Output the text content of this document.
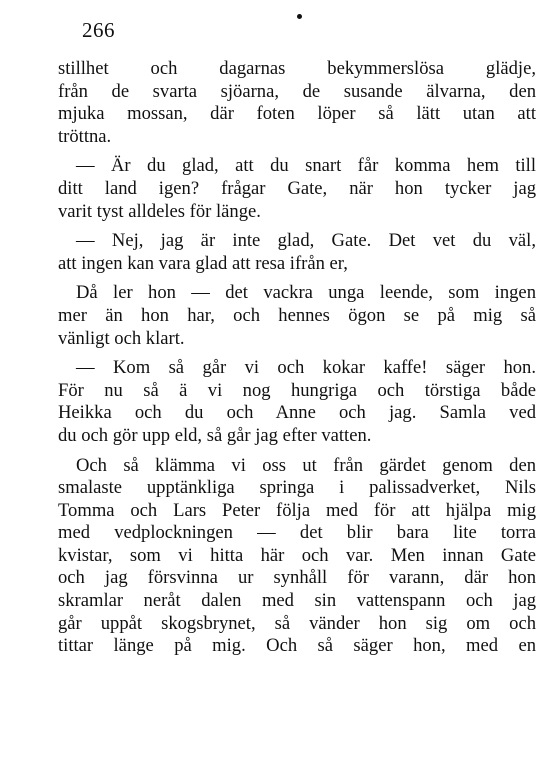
266
stillhet och dagarnas bekymmerslösa glädje,
från de svarta sjöarna, de susande älvarna, den
mjuka mossan, där foten löper så lätt utan att
tröttna.
— Är du glad, att du snart får komma hem till
ditt land igen? frågar Gate, när hon tycker jag
varit tyst alldeles för länge.
— Nej, jag är inte glad, Gate. Det vet du väl,
att ingen kan vara glad att resa ifrån er,
Då ler hon — det vackra unga leende, som ingen
mer än hon har, och hennes ögon se på mig så
vänligt och klart.
— Kom så går vi och kokar kaffe! säger hon.
För nu så ä vi nog hungriga och törstiga både
Heikka och du och Anne och jag. Samla ved
du och gör upp eld, så går jag efter vatten.
Och så klämma vi oss ut från gärdet genom den
smalaste upptänkliga springa i palissadverket, Nils
Tomma och Lars Peter följa med för att hjälpa mig
med vedplockningen — det blir bara lite torra
kvistar, som vi hitta här och var. Men innan Gate
och jag försvinna ur synhåll för varann, där hon
skramlar neråt dalen med sin vattenspann och jag
går uppåt skogsbrynet, så vänder hon sig om och
tittar länge på mig. Och så säger hon, med en
